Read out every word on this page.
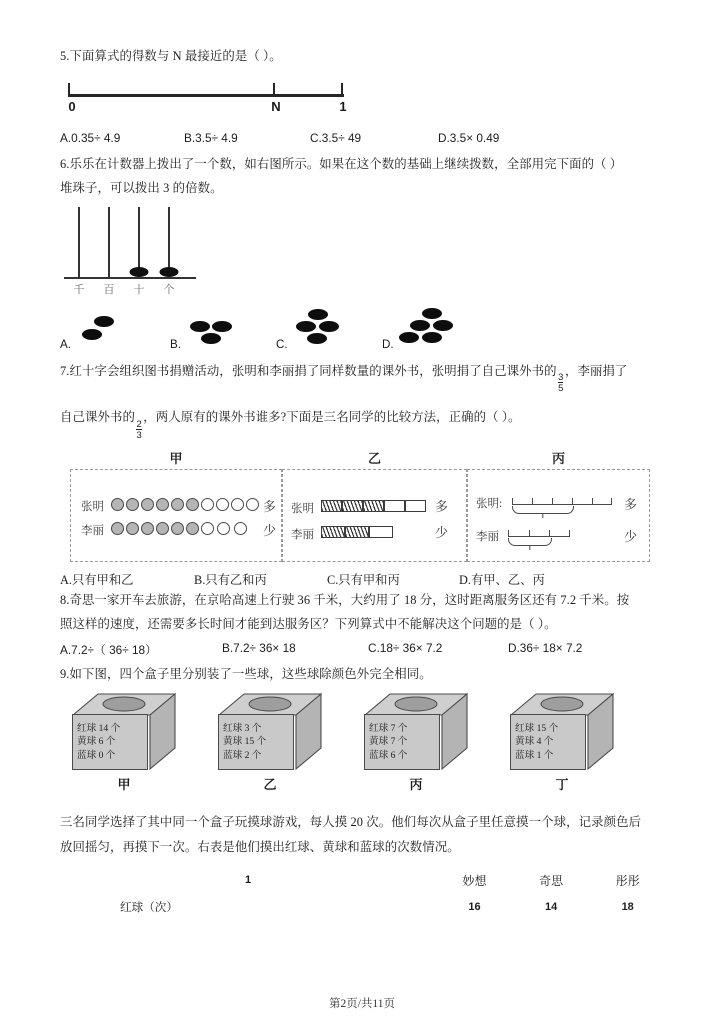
5.下面算式的得数与 N 最接近的是（ ）。
0	N	1
A.0.35÷ 4.9	B.3.5÷ 4.9	C.3.5÷ 49	D.3.5× 0.49
6.乐乐在计数器上拨出了一个数，如右图所示。如果在这个数的基础上继续拨数，全部用完下面的（ ）
堆珠子，可以拨出 3 的倍数。
千 百 十 个
A.	B.	C.	D.
7.红十字会组织图书捐赠活动，张明和李丽捐了同样数量的课外书，张明捐了自己课外书的
$\frac{3}{5}$
，李丽捐了
自己课外书的
$\frac{2}{3}$
，两人原有的课外书谁多?下面是三名同学的比较方法，正确的（ ）。
甲
张明
李丽
多
少
乙
张明
李丽
多
少
丙
张明:
李丽
多
少
A.只有甲和乙	B.只有乙和丙	C.只有甲和丙	D.有甲、乙、丙
8.奇思一家开车去旅游，在京哈高速上行驶 36 千米，大约用了 18 分，这时距离服务区还有 7.2 千米。按
照这样的速度，还需要多长时间才能到达服务区？下列算式中不能解决这个问题的是（ ）。
A.7.2÷（ 36÷ 18）	B.7.2÷ 36× 18	C.18÷ 36× 7.2	D.36÷ 18× 7.2
9.如下图，四个盒子里分别装了一些球，这些球除颜色外完全相同。
红球 14 个
黄球 6 个
蓝球 0 个
甲
红球 3 个
黄球 15 个
蓝球 2 个
乙
红球 7 个
黄球 7 个
蓝球 6 个
丙
红球 15 个
黄球 4 个
蓝球 1 个
丁
三名同学选择了其中同一个盒子玩摸球游戏，每人摸 20 次。他们每次从盒子里任意摸一个球，记录颜色后
放回摇匀，再摸下一次。右表是他们摸出红球、黄球和蓝球的次数情况。
1	妙想	奇思	彤彤
红球（次）	16	14	18
第2页/共11页
